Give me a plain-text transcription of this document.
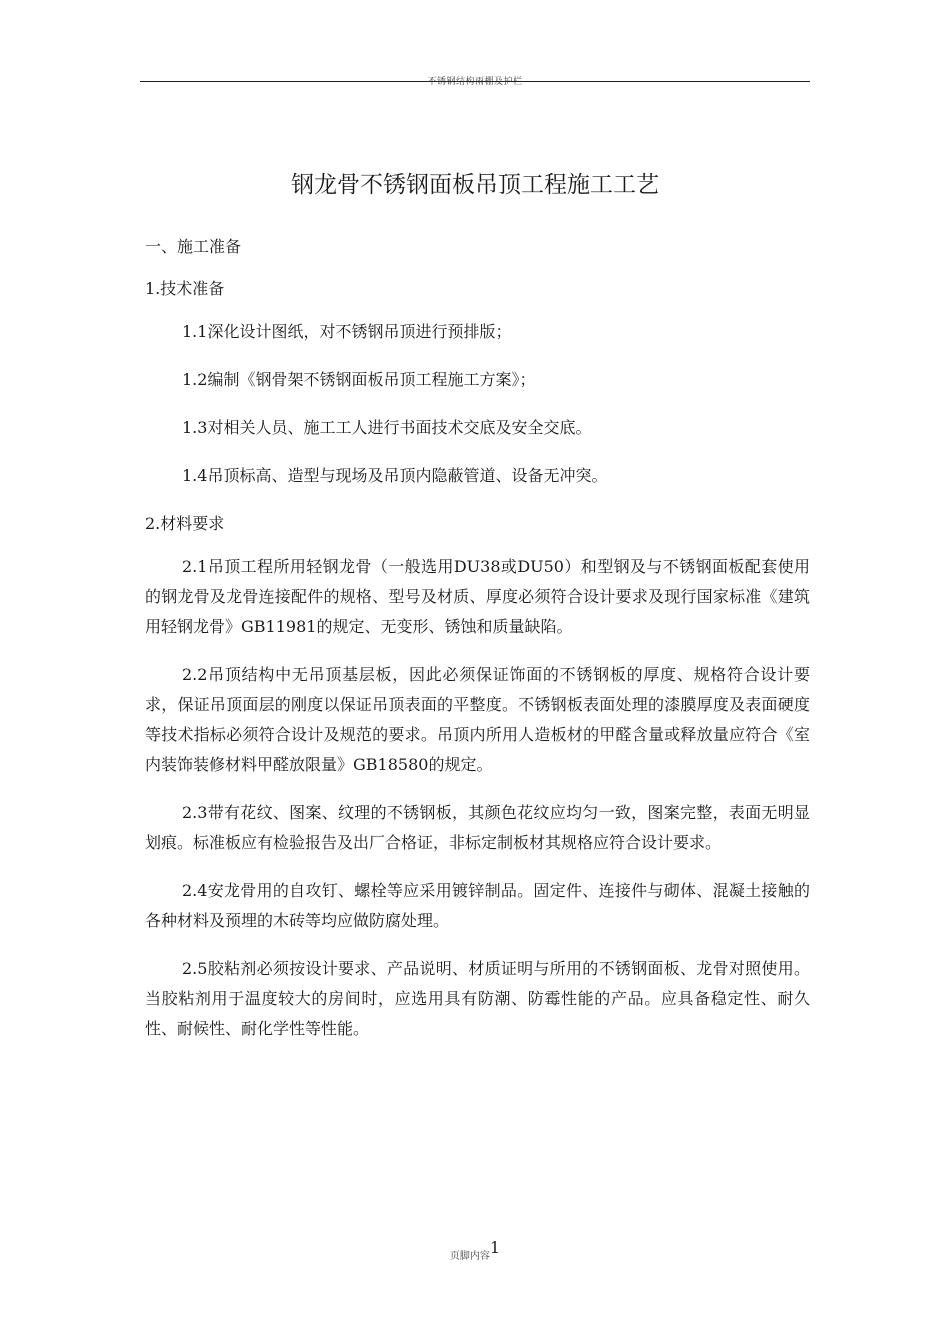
不锈钢结构雨棚及护栏
钢龙骨不锈钢面板吊顶工程施工工艺
一、施工准备
1.技术准备
1.1深化设计图纸，对不锈钢吊顶进行预排版；
1.2编制《钢骨架不锈钢面板吊顶工程施工方案》；
1.3对相关人员、施工工人进行书面技术交底及安全交底。
1.4吊顶标高、造型与现场及吊顶内隐蔽管道、设备无冲突。
2.材料要求

2.1吊顶工程所用轻钢龙骨（一般选用DU38或DU50）和型钢及与不锈钢面板配套使用的钢龙骨及龙骨连接配件的规格、型号及材质、厚度必须符合设计要求及现行国家标准《建筑用轻钢龙骨》GB11981的规定、无变形、锈蚀和质量缺陷。

2.2吊顶结构中无吊顶基层板，因此必须保证饰面的不锈钢板的厚度、规格符合设计要求，保证吊顶面层的刚度以保证吊顶表面的平整度。不锈钢板表面处理的漆膜厚度及表面硬度等技术指标必须符合设计及规范的要求。吊顶内所用人造板材的甲醛含量或释放量应符合《室内装饰装修材料甲醛放限量》GB18580的规定。

2.3带有花纹、图案、纹理的不锈钢板，其颜色花纹应均匀一致，图案完整，表面无明显划痕。标准板应有检验报告及出厂合格证，非标定制板材其规格应符合设计要求。

2.4安龙骨用的自攻钉、螺栓等应采用镀锌制品。固定件、连接件与砌体、混凝土接触的各种材料及预埋的木砖等均应做防腐处理。

2.5胶粘剂必须按设计要求、产品说明、材质证明与所用的不锈钢面板、龙骨对照使用。当胶粘剂用于温度较大的房间时，应选用具有防潮、防霉性能的产品。应具备稳定性、耐久性、耐候性、耐化学性等性能。

页脚内容1
